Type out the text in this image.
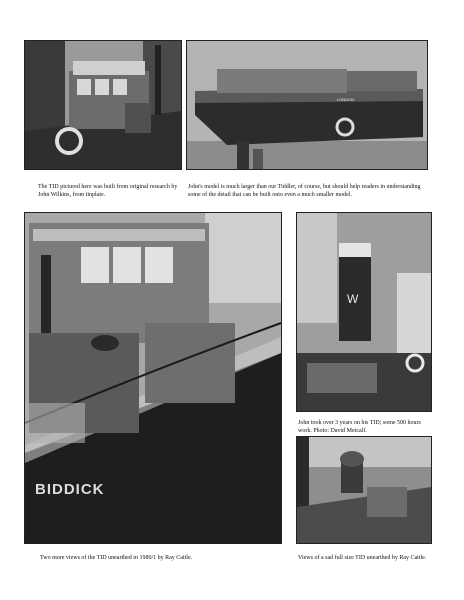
LONDON

The TID pictured here was built from original research by John Wilkins, from tinplate.

John's model is much larger than our Tiddler, of course, but should help readers in understanding some of the detail that can be built onto even a much smaller model.

BIDDICK
W

John took over 3 years on his TID; some 500 hours work. Photo: David Metcalf.

Two more views of the TID unearthed in 1980/1 by Ray Cattle.	Views of a sad full size TID unearthed by Ray Cattle.
